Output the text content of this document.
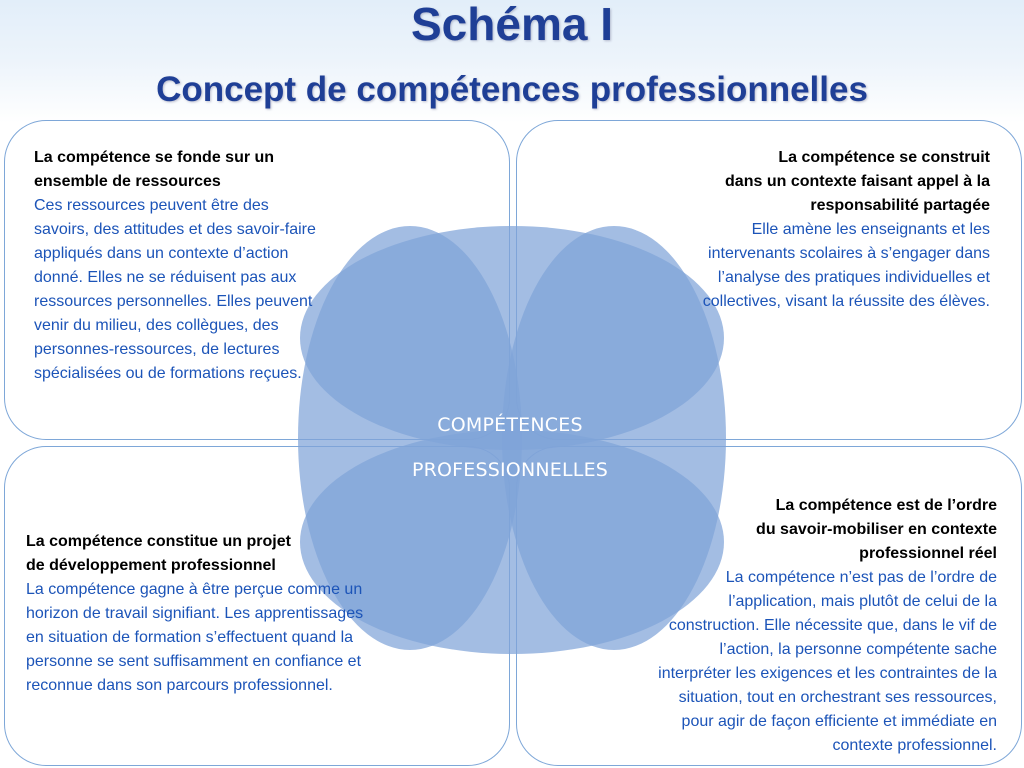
Schéma I
Concept de compétences professionnelles
La compétence se fonde sur un
ensemble de ressources
Ces ressources peuvent être des
savoirs, des attitudes et des savoir-faire
appliqués dans un contexte d’action
donné. Elles ne se réduisent pas aux
ressources personnelles. Elles peuvent
venir du milieu, des collègues, des
personnes-ressources, de lectures
spécialisées ou de formations reçues.
La compétence se construit
dans un contexte faisant appel à la
responsabilité partagée
Elle amène les enseignants et les
intervenants scolaires à s’engager dans
l’analyse des pratiques individuelles et
collectives, visant la réussite des élèves.
La compétence constitue un projet
de développement professionnel
La compétence gagne à être perçue comme un
horizon de travail signifiant. Les apprentissages
en situation de formation s’effectuent quand la
personne se sent suffisamment en confiance et
reconnue dans son parcours professionnel.
La compétence est de l’ordre
du savoir-mobiliser en contexte
professionnel réel
La compétence n’est pas de l’ordre de
l’application, mais plutôt de celui de la
construction. Elle nécessite que, dans le vif de
l’action, la personne compétente sache
interpréter les exigences et les contraintes de la
situation, tout en orchestrant ses ressources,
pour agir de façon efficiente et immédiate en
contexte professionnel.
COMPÉTENCES
PROFESSIONNELLES
